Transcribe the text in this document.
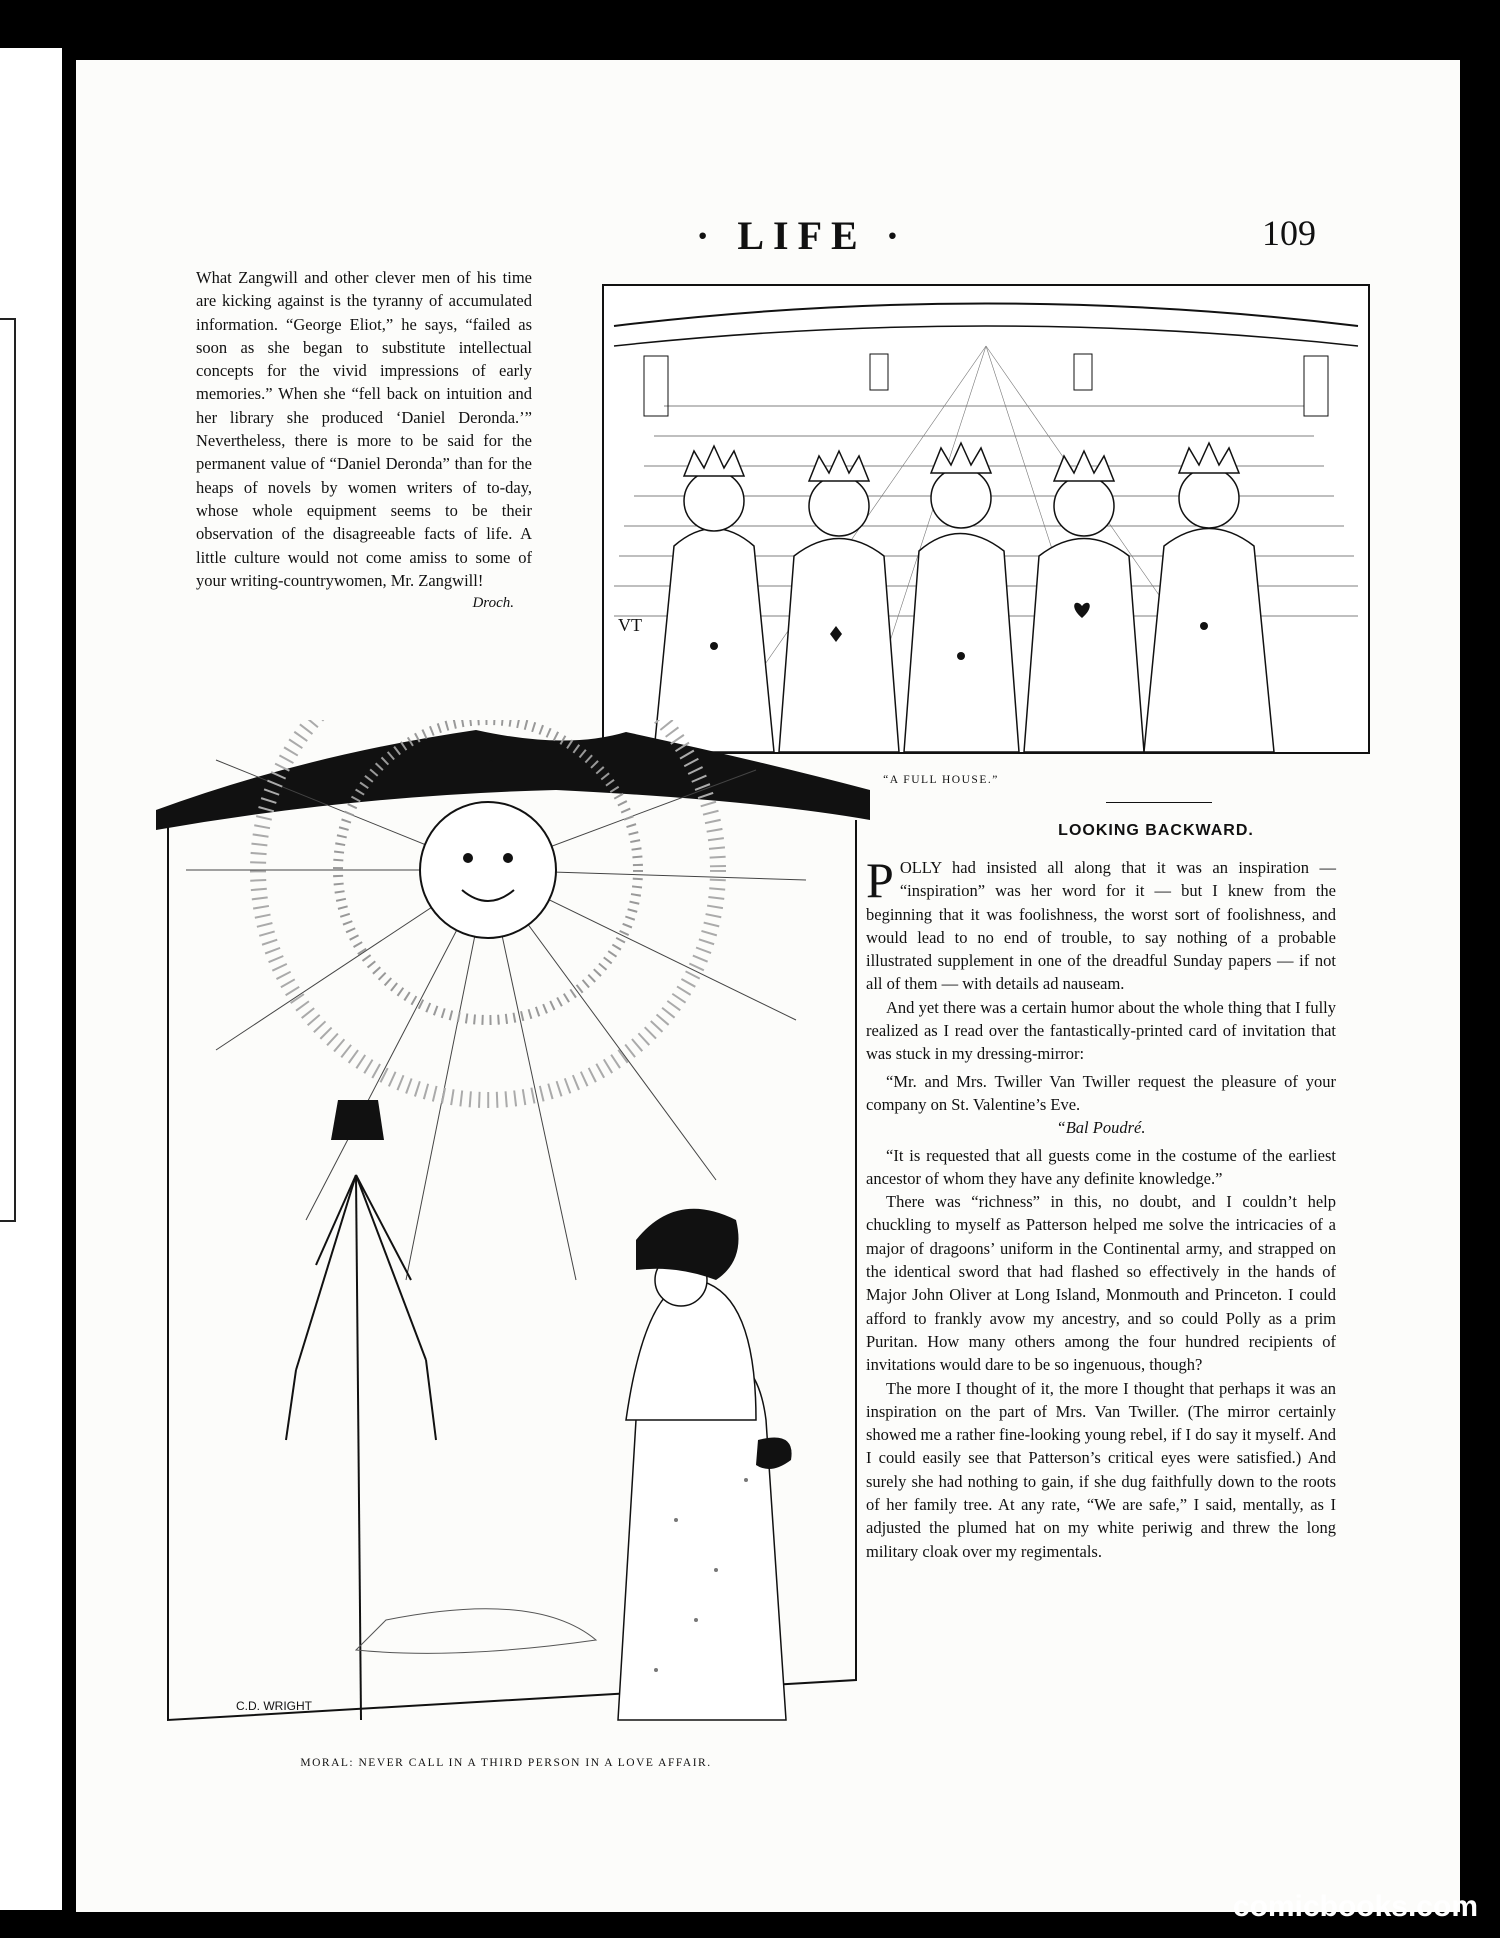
· LIFE ·	109

What Zangwill and other clever men of his time are kicking against is the tyranny of accumulated information. “George Eliot,” he says, “failed as soon as she began to substitute intellectual concepts for the vivid impressions of early memories.” When she “fell back on intuition and her library she produced ‘Daniel Deronda.’” Nevertheless, there is more to be said for the permanent value of “Daniel Deronda” than for the heaps of novels by women writers of to-day, whose whole equipment seems to be their observation of the disagreeable facts of life. A little culture would not come amiss to some of your writing-countrywomen, Mr. Zangwill!

Droch.
VT
“A FULL HOUSE.”
C.D. WRIGHT
MORAL: NEVER CALL IN A THIRD PERSON IN A LOVE AFFAIR.
LOOKING BACKWARD.

POLLY had insisted all along that it was an inspiration — “inspiration” was her word for it — but I knew from the beginning that it was foolishness, the worst sort of foolishness, and would lead to no end of trouble, to say nothing of a probable illustrated supplement in one of the dreadful Sunday papers — if not all of them — with details ad nauseam.

And yet there was a certain humor about the whole thing that I fully realized as I read over the fantastically-printed card of invitation that was stuck in my dressing-mirror:

“Mr. and Mrs. Twiller Van Twiller request the pleasure of your company on St. Valentine’s Eve.

“Bal Poudré.

“It is requested that all guests come in the costume of the earliest ancestor of whom they have any definite knowledge.”

There was “richness” in this, no doubt, and I couldn’t help chuckling to myself as Patterson helped me solve the intricacies of a major of dragoons’ uniform in the Continental army, and strapped on the identical sword that had flashed so effectively in the hands of Major John Oliver at Long Island, Monmouth and Princeton. I could afford to frankly avow my ancestry, and so could Polly as a prim Puritan. How many others among the four hundred recipients of invitations would dare to be so ingenuous, though?

The more I thought of it, the more I thought that perhaps it was an inspiration on the part of Mrs. Van Twiller. (The mirror certainly showed me a rather fine-looking young rebel, if I do say it myself. And I could easily see that Patterson’s critical eyes were satisfied.) And surely she had nothing to gain, if she dug faithfully down to the roots of her family tree. At any rate, “We are safe,” I said, mentally, as I adjusted the plumed hat on my white periwig and threw the long military cloak over my regimentals.

comicbooks.com
